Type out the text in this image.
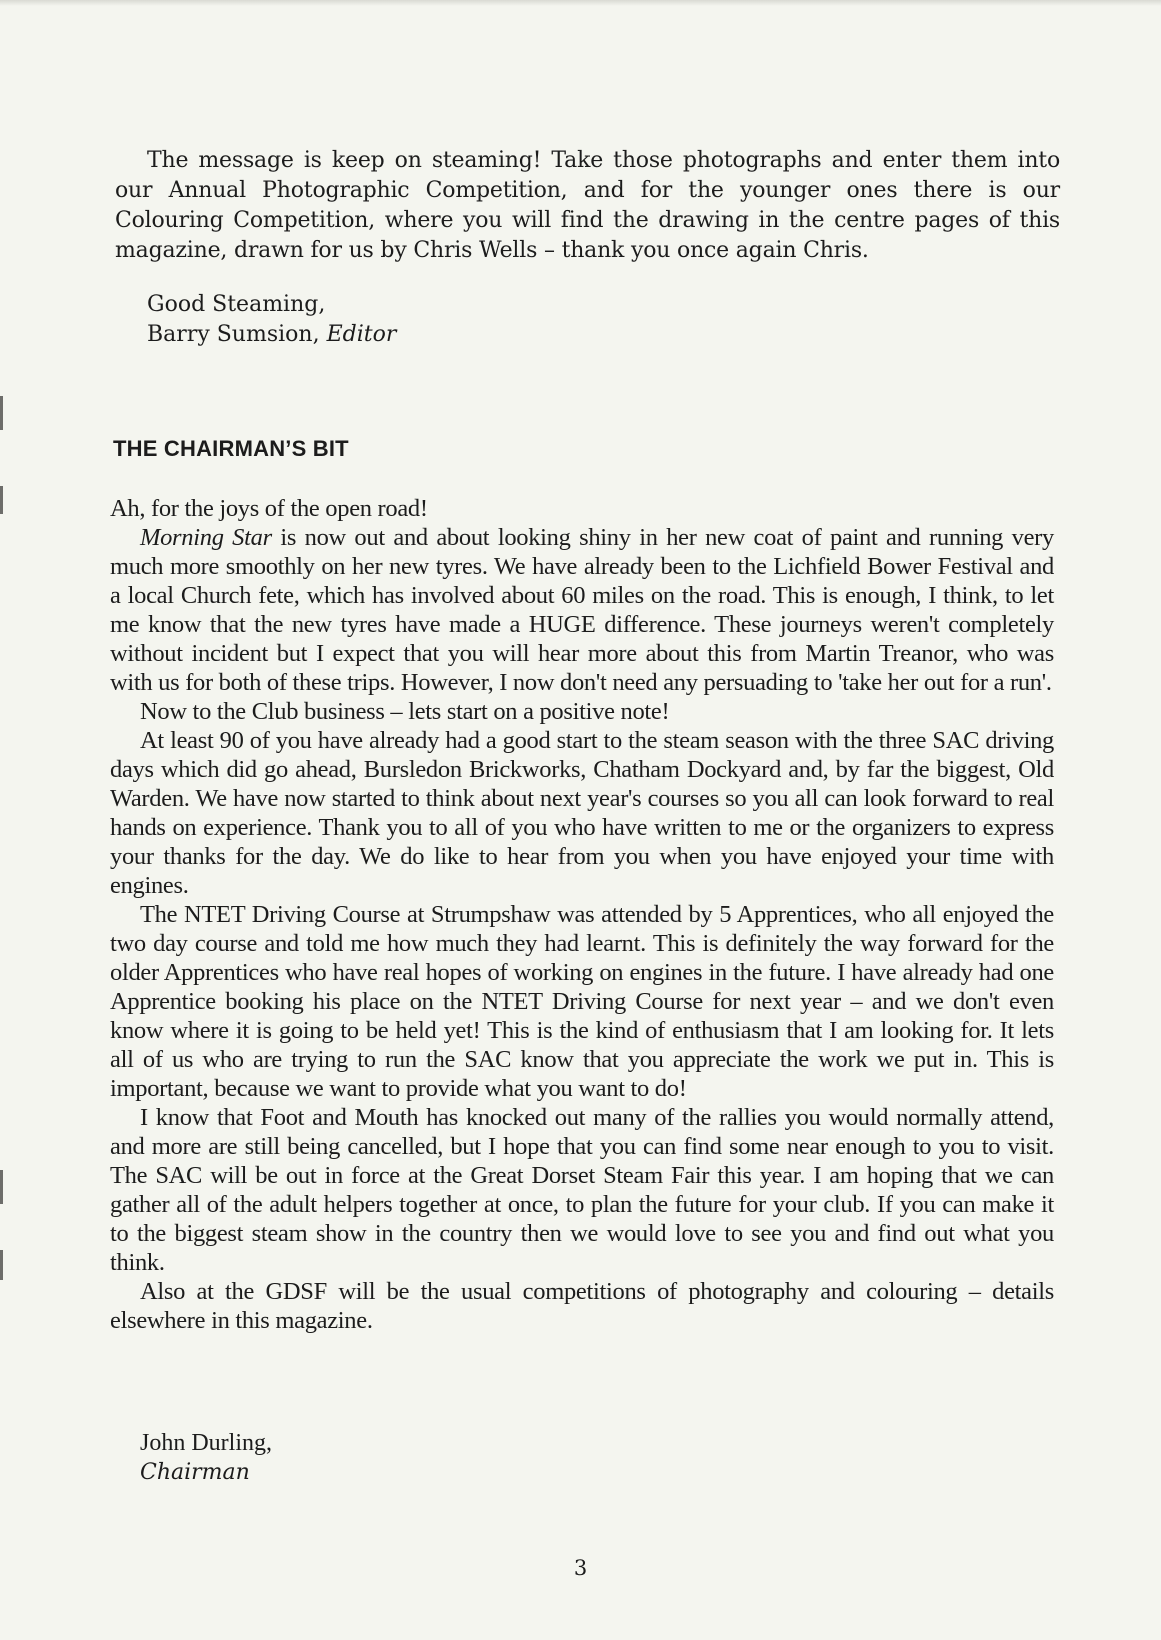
The message is keep on steaming! Take those photographs and enter them into our Annual Photographic Competition, and for the younger ones there is our Colouring Competition, where you will find the drawing in the centre pages of this magazine, drawn for us by Chris Wells – thank you once again Chris.

Good Steaming,
Barry Sumsion, Editor
THE CHAIRMAN’S BIT

Ah, for the joys of the open road!

Morning Star is now out and about looking shiny in her new coat of paint and running very much more smoothly on her new tyres. We have already been to the Lichfield Bower Festival and a local Church fete, which has involved about 60 miles on the road. This is enough, I think, to let me know that the new tyres have made a HUGE difference. These journeys weren't completely without incident but I expect that you will hear more about this from Martin Treanor, who was with us for both of these trips. However, I now don't need any persuading to 'take her out for a run'.

Now to the Club business – lets start on a positive note!

At least 90 of you have already had a good start to the steam season with the three SAC driving days which did go ahead, Bursledon Brickworks, Chatham Dockyard and, by far the biggest, Old Warden. We have now started to think about next year's courses so you all can look forward to real hands on experience. Thank you to all of you who have written to me or the organizers to express your thanks for the day. We do like to hear from you when you have enjoyed your time with engines.

The NTET Driving Course at Strumpshaw was attended by 5 Apprentices, who all enjoyed the two day course and told me how much they had learnt. This is definitely the way forward for the older Apprentices who have real hopes of working on engines in the future. I have already had one Apprentice booking his place on the NTET Driving Course for next year – and we don't even know where it is going to be held yet! This is the kind of enthusiasm that I am looking for. It lets all of us who are trying to run the SAC know that you appreciate the work we put in. This is important, because we want to provide what you want to do!

I know that Foot and Mouth has knocked out many of the rallies you would normally attend, and more are still being cancelled, but I hope that you can find some near enough to you to visit. The SAC will be out in force at the Great Dorset Steam Fair this year. I am hoping that we can gather all of the adult helpers together at once, to plan the future for your club. If you can make it to the biggest steam show in the country then we would love to see you and find out what you think.

Also at the GDSF will be the usual competitions of photography and colouring – details elsewhere in this magazine.

John Durling,
Chairman
3
